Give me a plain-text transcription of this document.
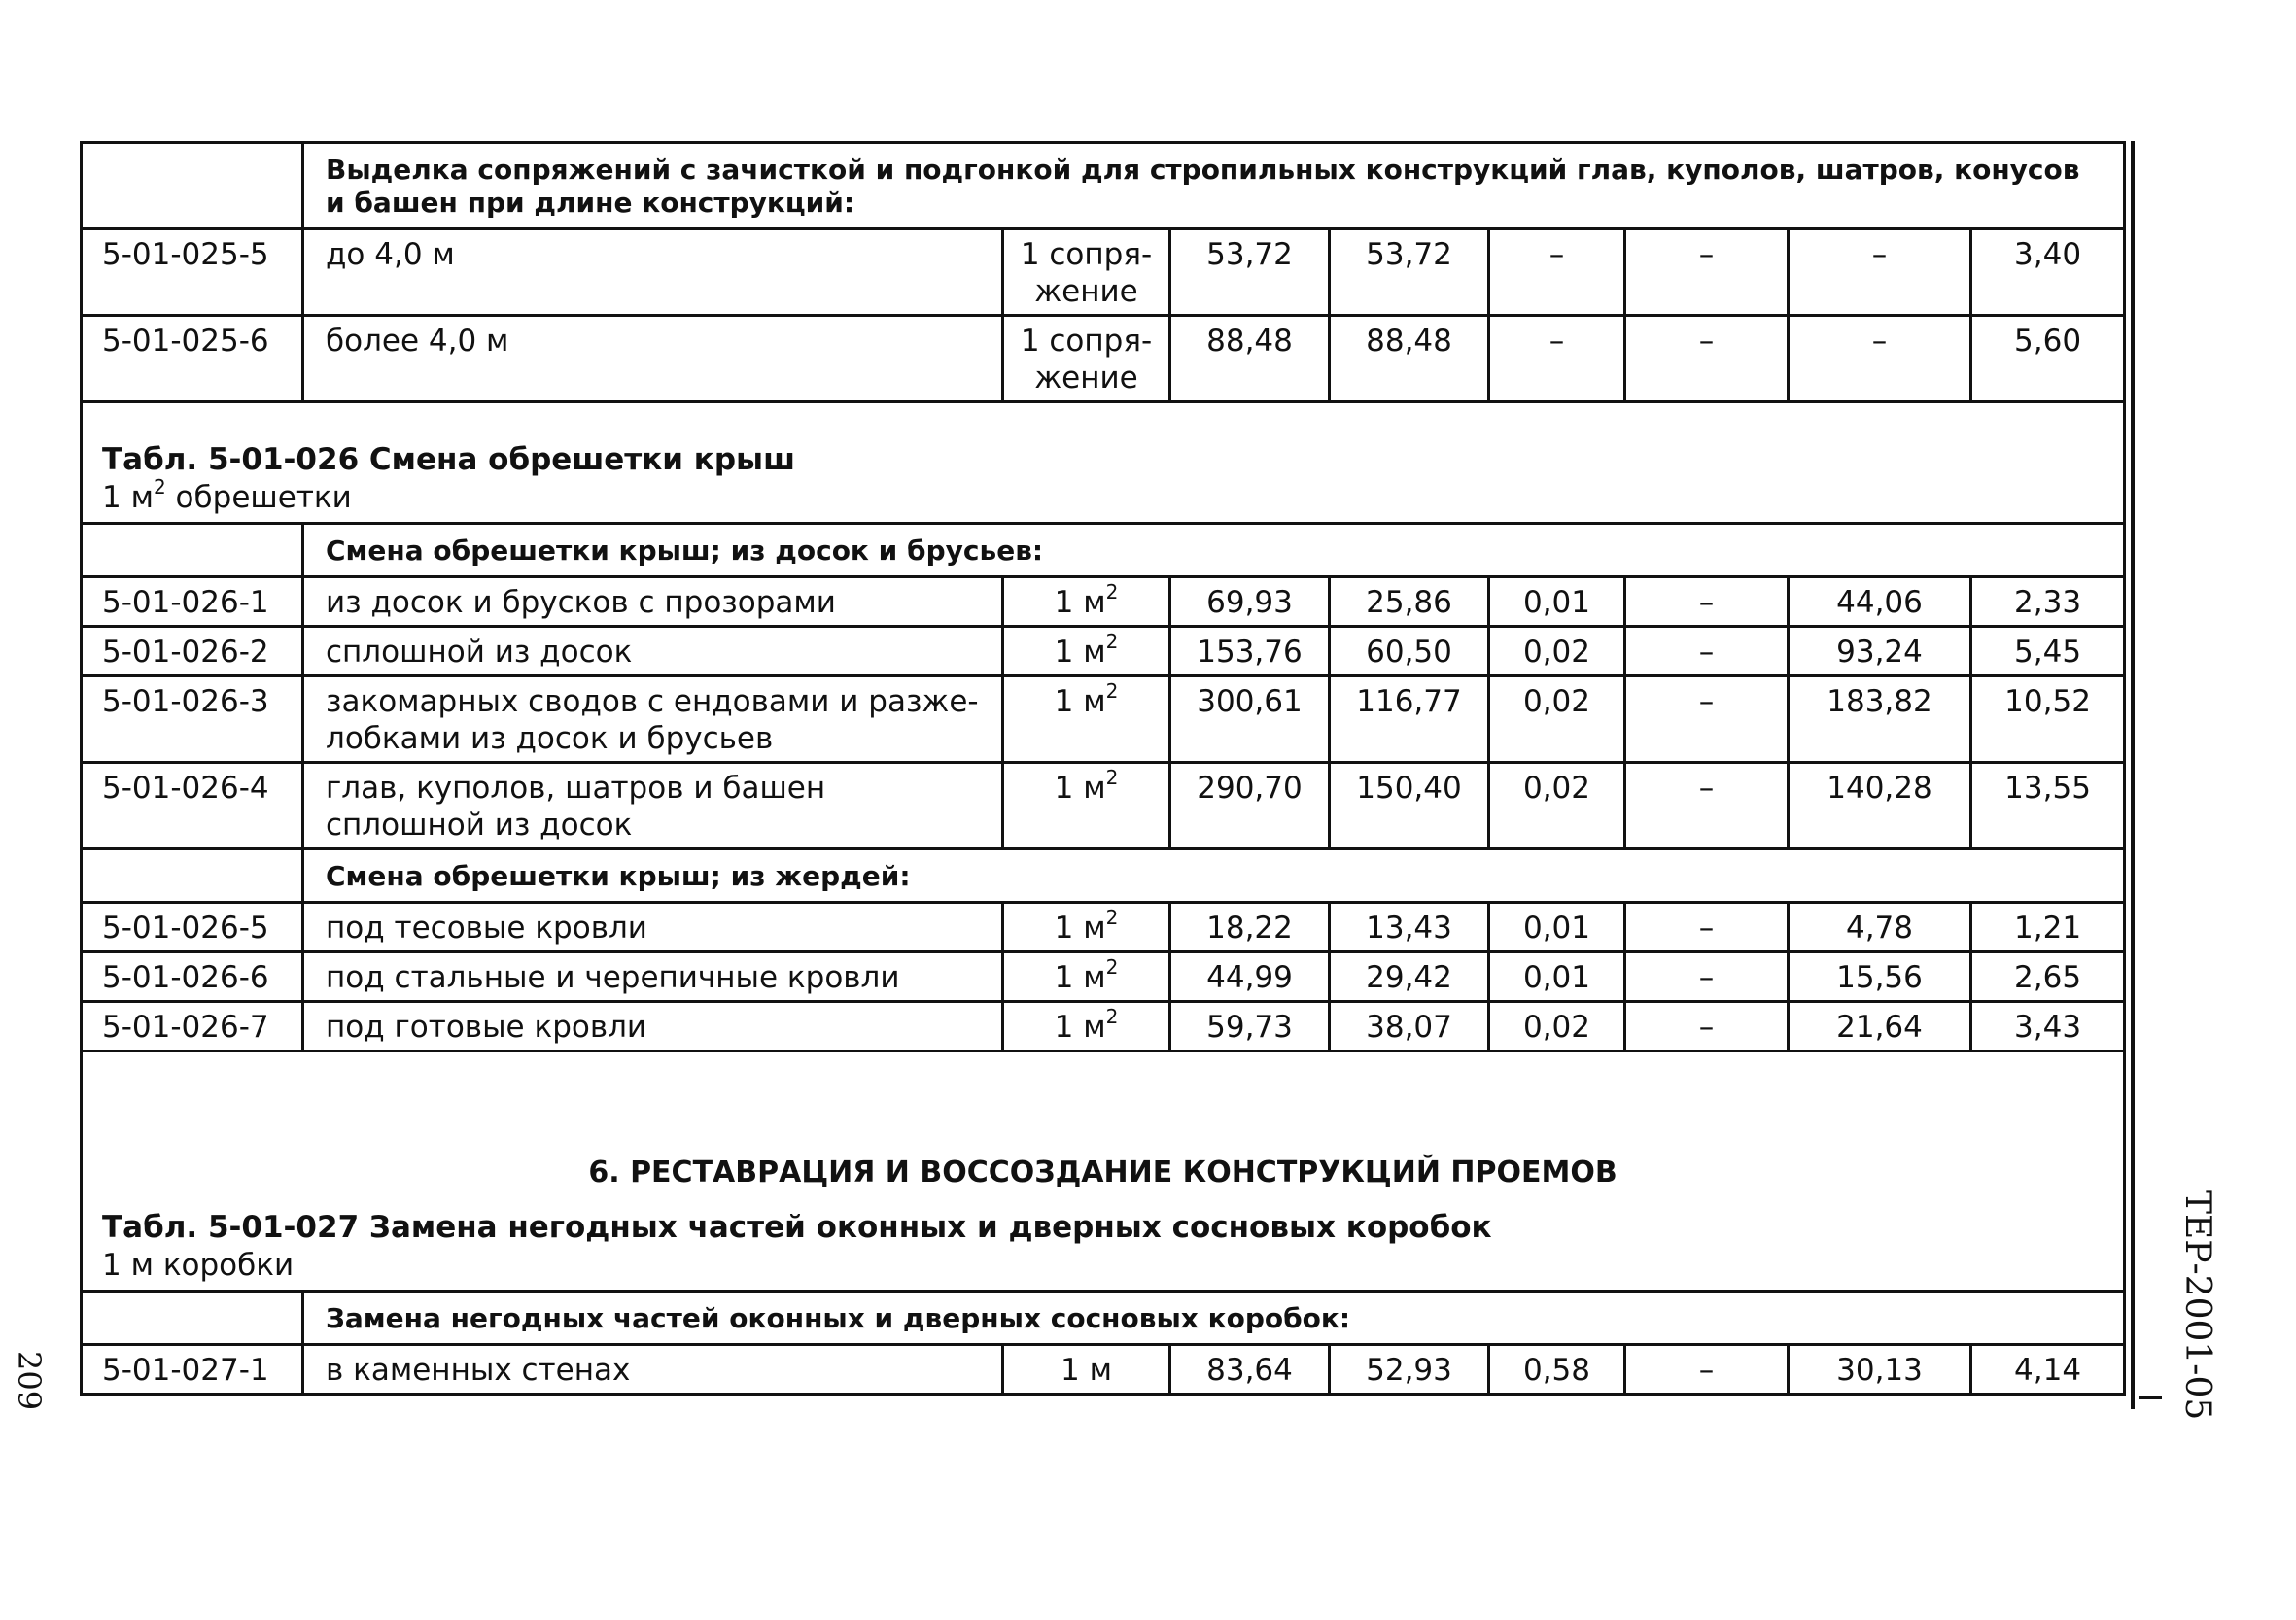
	Выделка сопряжений с зачисткой и подгонкой для стропильных конструкций глав, куполов, шатров, конусов и башен при длине конструкций:							
5-01-025-5	до 4,0 м	1 сопря-жение	53,72	53,72	–	–	–	3,40
5-01-025-6	более 4,0 м	1 сопря-жение	88,48	88,48	–	–	–	5,60

Табл. 5-01-026 Смена обрешетки крыш
1 $м^2$ обрешетки								

	Смена обрешетки крыш; из досок и брусьев:							
5-01-026-1	из досок и брусков с прозорами	1 $м^2$	69,93	25,86	0,01	–	44,06	2,33
5-01-026-2	сплошной из досок	1 $м^2$	153,76	60,50	0,02	–	93,24	5,45
5-01-026-3	закомарных сводов с ендовами и разже-лобками из досок и брусьев	1 $м^2$	300,61	116,77	0,02	–	183,82	10,52
5-01-026-4	глав, куполов, шатров и башен сплошной из досок	1 $м^2$	290,70	150,40	0,02	–	140,28	13,55
	Смена обрешетки крыш; из жердей:							
5-01-026-5	под тесовые кровли	1 $м^2$	18,22	13,43	0,01	–	4,78	1,21
5-01-026-6	под стальные и черепичные кровли	1 $м^2$	44,99	29,42	0,01	–	15,56	2,65
5-01-026-7	под готовые кровли	1 $м^2$	59,73	38,07	0,02	–	21,64	3,43

6. РЕСТАВРАЦИЯ И ВОССОЗДАНИЕ КОНСТРУКЦИЙ ПРОЕМОВ
Табл. 5-01-027 Замена негодных частей оконных и дверных сосновых коробок
1 м коробки								

	Замена негодных частей оконных и дверных сосновых коробок:							
5-01-027-1	в каменных стенах	1 м	83,64	52,93	0,58	–	30,13	4,14	ТЕР-2001-05
209
